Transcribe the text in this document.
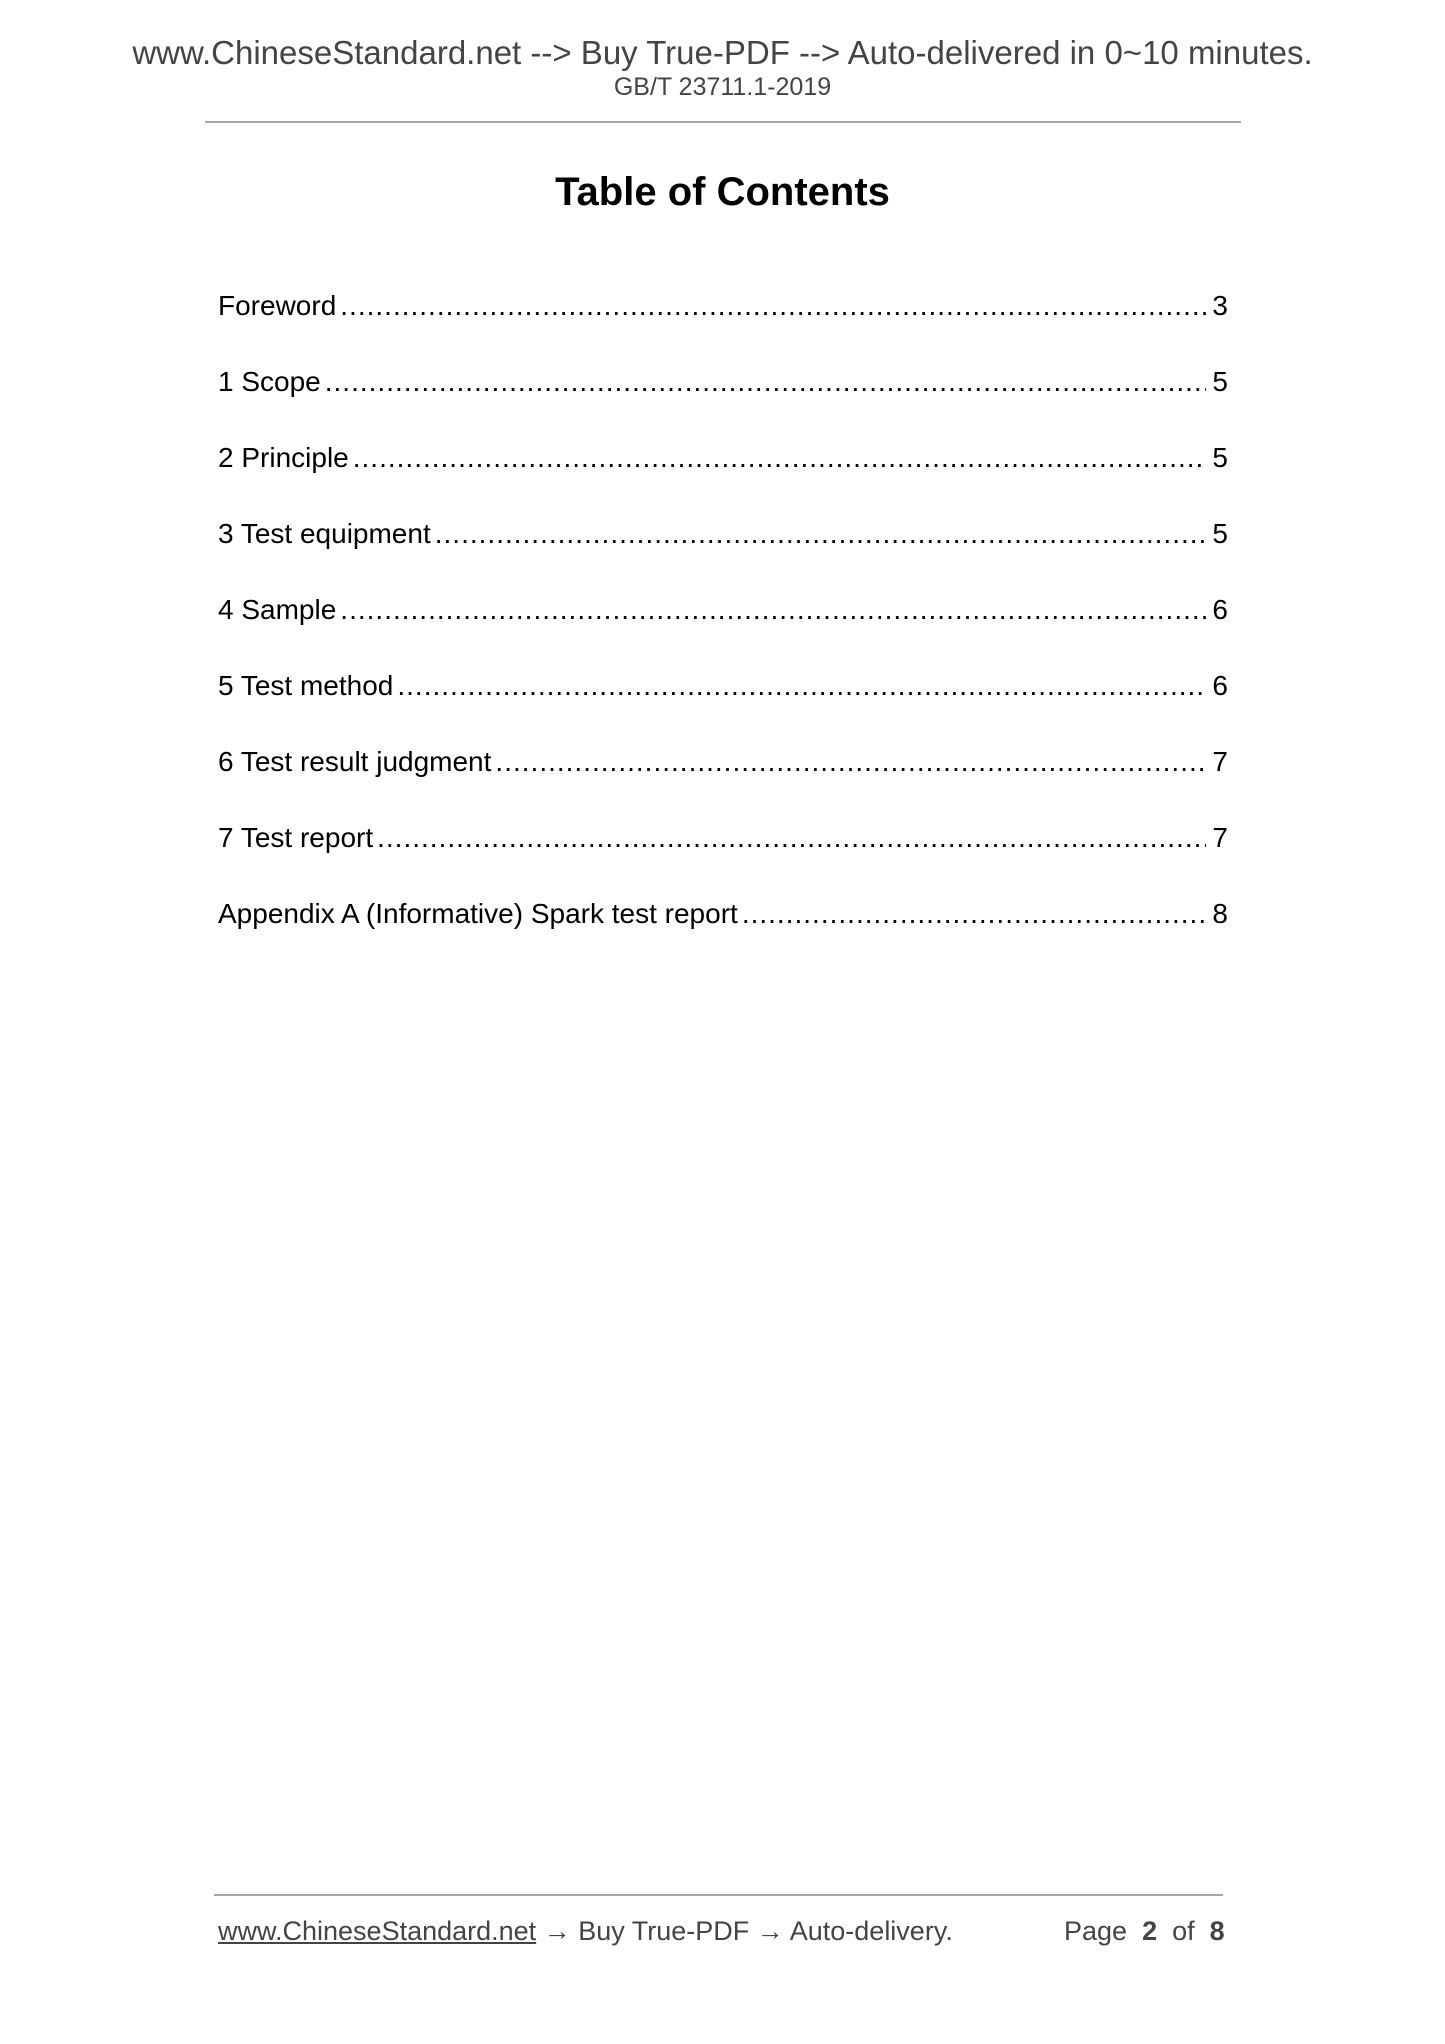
www.ChineseStandard.net --> Buy True-PDF --> Auto-delivered in 0~10 minutes.
GB/T 23711.1-2019
Table of Contents
Foreword .....	3
1 Scope .....	5
2 Principle .....	5
3 Test equipment .....	5
4 Sample .....	6
5 Test method .....	6
6 Test result judgment .....	7
7 Test report .....	7
Appendix A (Informative) Spark test report .....	8
www.ChineseStandard.net → Buy True-PDF → Auto-delivery.	Page 2 of 8
